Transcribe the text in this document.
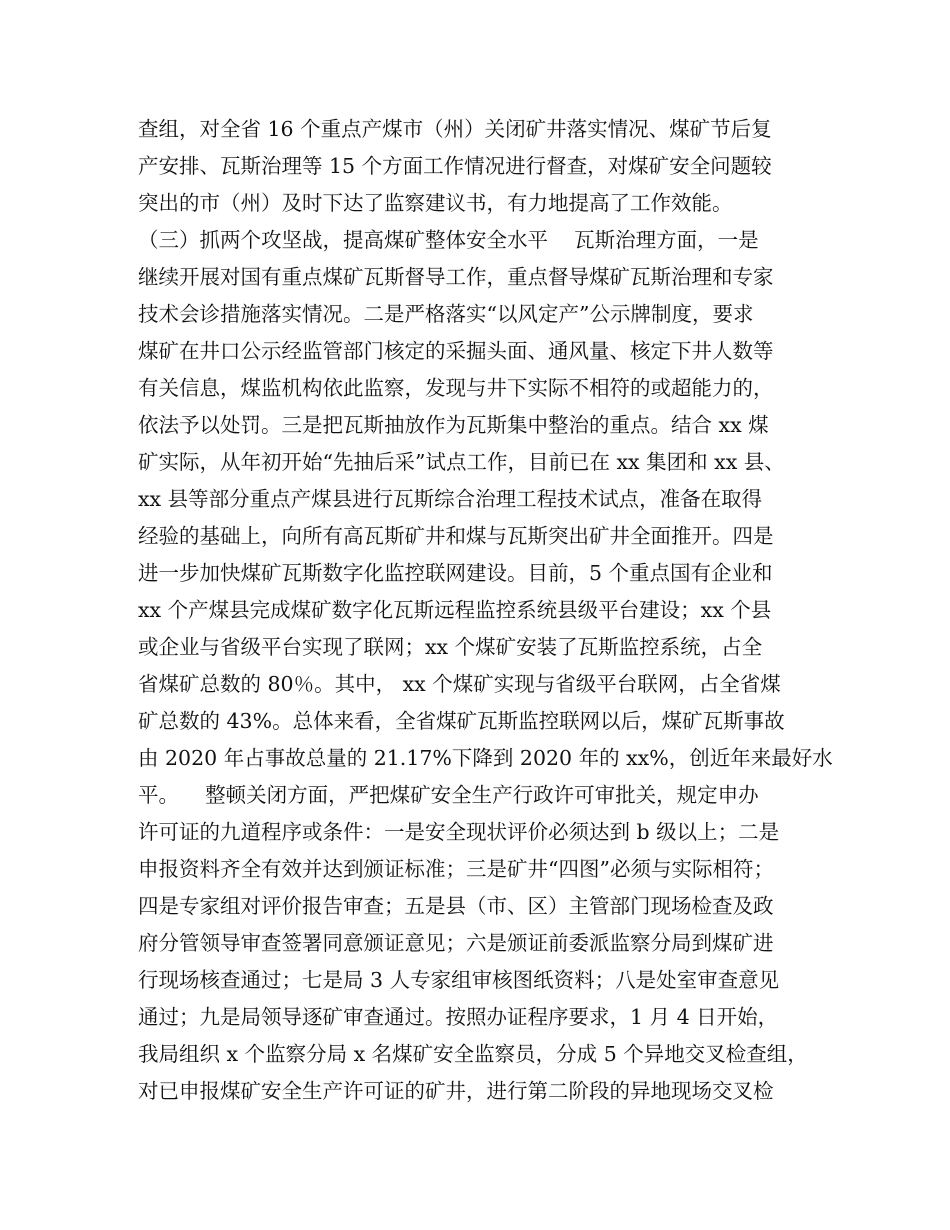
查组，对全省 16 个重点产煤市（州）关闭矿井落实情况、煤矿节后复
产安排、瓦斯治理等 15 个方面工作情况进行督查，对煤矿安全问题较
突出的市（州）及时下达了监察建议书，有力地提高了工作效能。
（三）抓两个攻坚战，提高煤矿整体安全水平    瓦斯治理方面，一是
继续开展对国有重点煤矿瓦斯督导工作，重点督导煤矿瓦斯治理和专家
技术会诊措施落实情况。二是严格落实“以风定产”公示牌制度，要求
煤矿在井口公示经监管部门核定的采掘头面、通风量、核定下井人数等
有关信息，煤监机构依此监察，发现与井下实际不相符的或超能力的，
依法予以处罚。三是把瓦斯抽放作为瓦斯集中整治的重点。结合 xx 煤
矿实际，从年初开始“先抽后采”试点工作，目前已在 xx 集团和 xx 县、
xx 县等部分重点产煤县进行瓦斯综合治理工程技术试点，准备在取得
经验的基础上，向所有高瓦斯矿井和煤与瓦斯突出矿井全面推开。四是
进一步加快煤矿瓦斯数字化监控联网建设。目前，5 个重点国有企业和
xx 个产煤县完成煤矿数字化瓦斯远程监控系统县级平台建设；xx 个县
或企业与省级平台实现了联网；xx 个煤矿安装了瓦斯监控系统，占全
省煤矿总数的 80％。其中， xx 个煤矿实现与省级平台联网，占全省煤
矿总数的 43%。总体来看，全省煤矿瓦斯监控联网以后，煤矿瓦斯事故
由 2020 年占事故总量的 21.17%下降到 2020 年的 xx%，创近年来最好水
平。    整顿关闭方面，严把煤矿安全生产行政许可审批关，规定申办
许可证的九道程序或条件：一是安全现状评价必须达到 b 级以上；二是
申报资料齐全有效并达到颁证标准；三是矿井“四图”必须与实际相符；
四是专家组对评价报告审查；五是县（市、区）主管部门现场检查及政
府分管领导审查签署同意颁证意见；六是颁证前委派监察分局到煤矿进
行现场核查通过；七是局 3 人专家组审核图纸资料；八是处室审查意见
通过；九是局领导逐矿审查通过。按照办证程序要求，1 月 4 日开始，
我局组织 x 个监察分局 x 名煤矿安全监察员，分成 5 个异地交叉检查组，
对已申报煤矿安全生产许可证的矿井，进行第二阶段的异地现场交叉检
